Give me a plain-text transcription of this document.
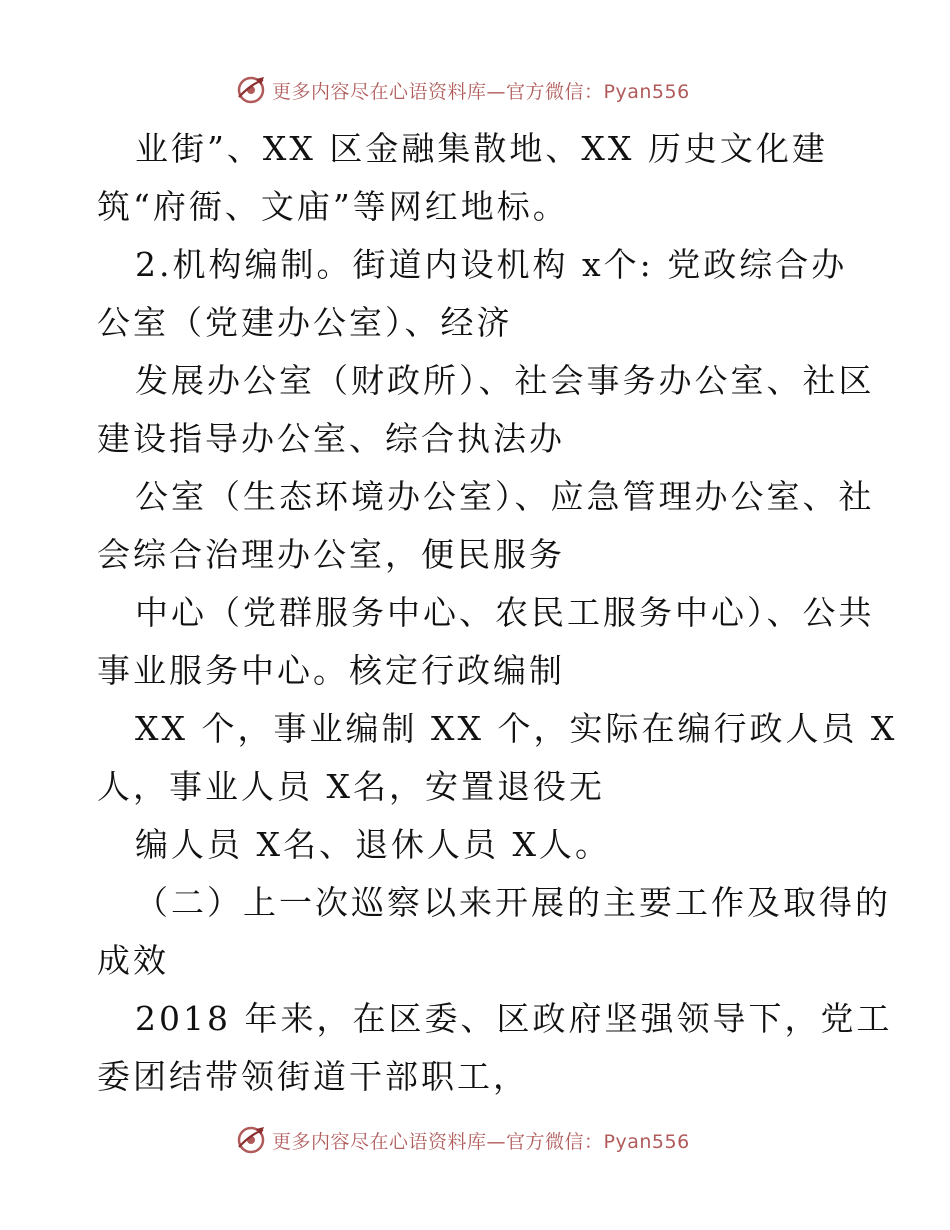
更多内容尽在心语资料库—官方微信：Pyan556
业街”、XX 区金融集散地、XX 历史文化建
筑“府衙、文庙”等网红地标。
2.机构编制。街道内设机构 x个: 党政综合办
公室（党建办公室）、经济
发展办公室（财政所）、社会事务办公室、社区
建设指导办公室、综合执法办
公室（生态环境办公室）、应急管理办公室、社
会综合治理办公室，便民服务
中心（党群服务中心、农民工服务中心）、公共
事业服务中心。核定行政编制
XX 个，事业编制 XX 个，实际在编行政人员 X
人，事业人员 X名，安置退役无
编人员 X名、退休人员 X人。
（二）上一次巡察以来开展的主要工作及取得的
成效
2018 年来，在区委、区政府坚强领导下，党工
委团结带领街道干部职工，
更多内容尽在心语资料库—官方微信：Pyan556
